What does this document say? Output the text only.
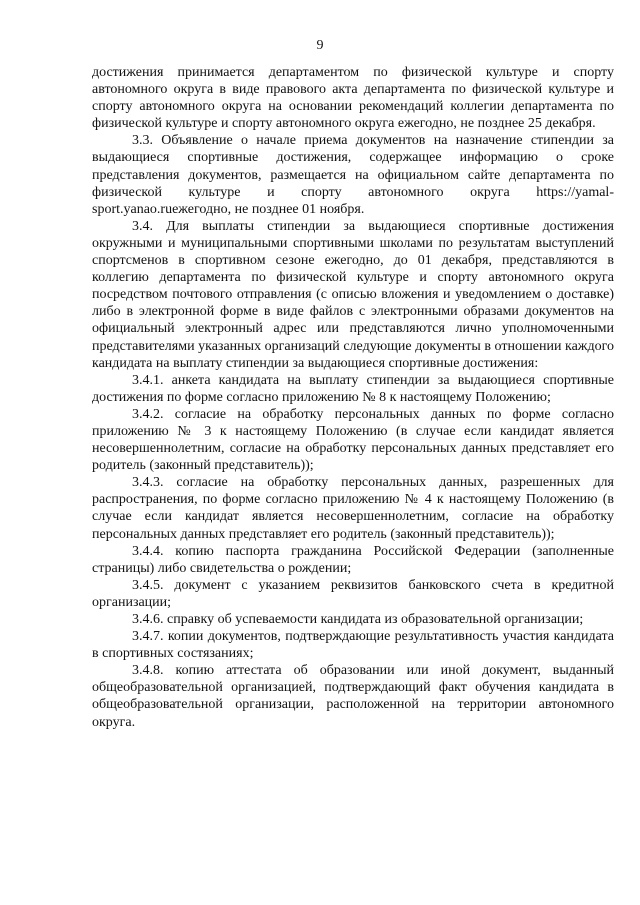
9

достижения принимается департаментом по физической культуре и спорту автономного округа в виде правового акта департамента по физической культуре и спорту автономного округа на основании рекомендаций коллегии департамента по физической культуре и спорту автономного округа ежегодно, не позднее 25 декабря.

3.3. Объявление о начале приема документов на назначение стипендии за выдающиеся спортивные достижения, содержащее информацию о сроке представления документов, размещается на официальном сайте департамента по физической культуре и спорту автономного округа https://yamal-sport.yanao.ruежегодно, не позднее 01 ноября.

3.4. Для выплаты стипендии за выдающиеся спортивные достижения окружными и муниципальными спортивными школами по результатам выступлений спортсменов в спортивном сезоне ежегодно, до 01 декабря, представляются в коллегию департамента по физической культуре и спорту автономного округа посредством почтового отправления (с описью вложения и уведомлением о доставке) либо в электронной форме в виде файлов с электронными образами документов на официальный электронный адрес или представляются лично уполномоченными представителями указанных организаций следующие документы в отношении каждого кандидата на выплату стипендии за выдающиеся спортивные достижения:

3.4.1. анкета кандидата на выплату стипендии за выдающиеся спортивные достижения по форме согласно приложению № 8 к настоящему Положению;

3.4.2. согласие на обработку персональных данных по форме согласно приложению № 3 к настоящему Положению (в случае если кандидат является несовершеннолетним, согласие на обработку персональных данных представляет его родитель (законный представитель));

3.4.3. согласие на обработку персональных данных, разрешенных для распространения, по форме согласно приложению № 4 к настоящему Положению (в случае если кандидат является несовершеннолетним, согласие на обработку персональных данных представляет его родитель (законный представитель));

3.4.4. копию паспорта гражданина Российской Федерации (заполненные страницы) либо свидетельства о рождении;

3.4.5. документ с указанием реквизитов банковского счета в кредитной организации;

3.4.6. справку об успеваемости кандидата из образовательной организации;

3.4.7. копии документов, подтверждающие результативность участия кандидата в спортивных состязаниях;

3.4.8. копию аттестата об образовании или иной документ, выданный общеобразовательной организацией, подтверждающий факт обучения кандидата в общеобразовательной организации, расположенной на территории автономного округа.
